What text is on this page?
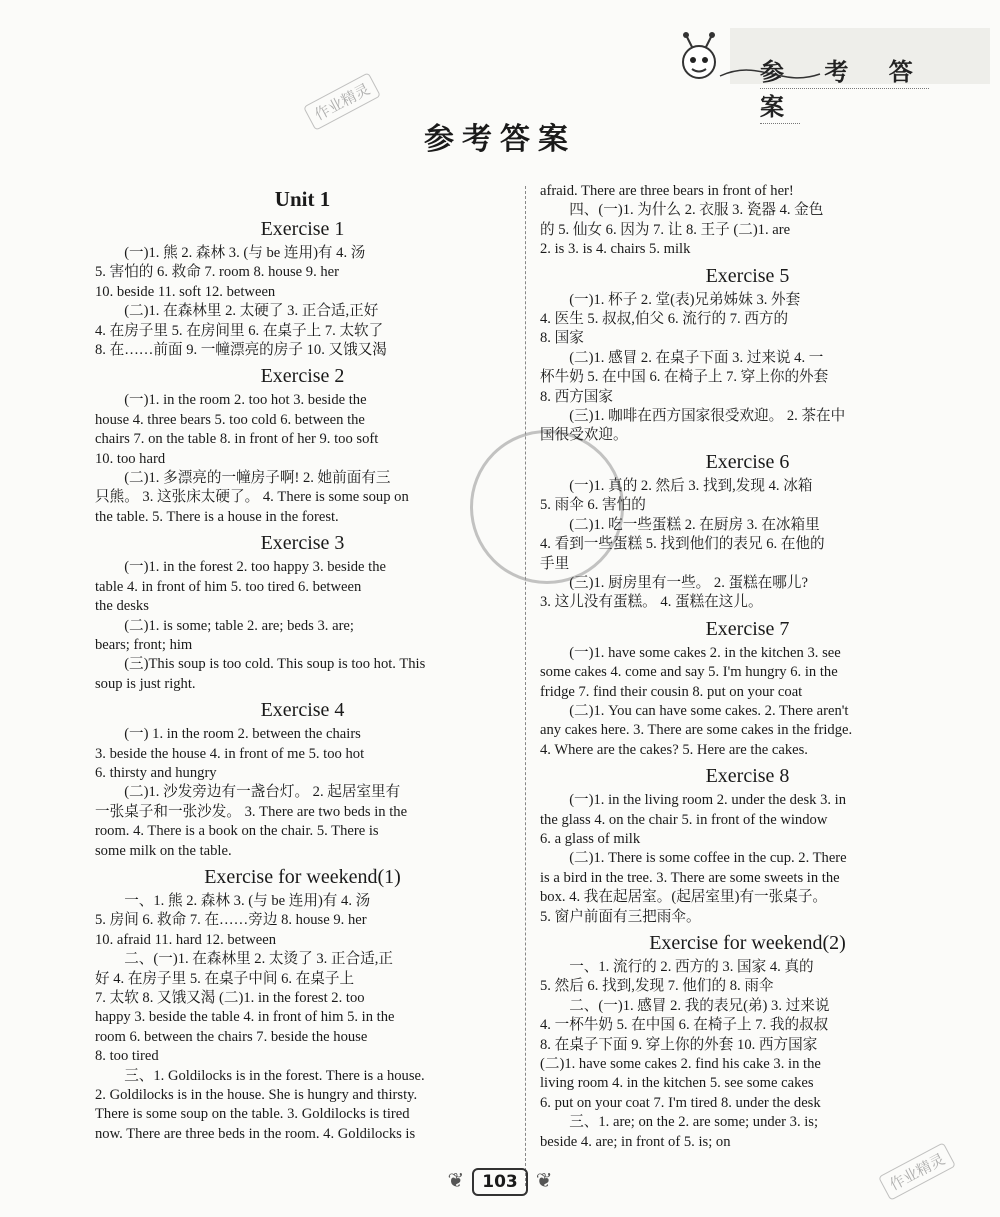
参 考 答 案
作业精灵
作业精灵
参考答案
Unit 1
Exercise 1
(一)1. 熊 2. 森林 3. (与 be 连用)有 4. 汤
5. 害怕的 6. 救命 7. room 8. house 9. her
10. beside 11. soft 12. between
(二)1. 在森林里 2. 太硬了 3. 正合适,正好
4. 在房子里 5. 在房间里 6. 在桌子上 7. 太软了
8. 在……前面 9. 一幢漂亮的房子 10. 又饿又渴
Exercise 2
(一)1. in the room 2. too hot 3. beside the
house 4. three bears 5. too cold 6. between the
chairs 7. on the table 8. in front of her 9. too soft
10. too hard
(二)1. 多漂亮的一幢房子啊! 2. 她前面有三
只熊。 3. 这张床太硬了。 4. There is some soup on
the table. 5. There is a house in the forest.
Exercise 3
(一)1. in the forest 2. too happy 3. beside the
table 4. in front of him 5. too tired 6. between
the desks
(二)1. is some; table 2. are; beds 3. are;
bears; front; him
(三)This soup is too cold. This soup is too hot. This
soup is just right.
Exercise 4
(一) 1. in the room 2. between the chairs
3. beside the house 4. in front of me 5. too hot
6. thirsty and hungry
(二)1. 沙发旁边有一盏台灯。 2. 起居室里有
一张桌子和一张沙发。 3. There are two beds in the
room. 4. There is a book on the chair. 5. There is
some milk on the table.
Exercise for weekend(1)
一、1. 熊 2. 森林 3. (与 be 连用)有 4. 汤
5. 房间 6. 救命 7. 在……旁边 8. house 9. her
10. afraid 11. hard 12. between
二、(一)1. 在森林里 2. 太烫了 3. 正合适,正
好 4. 在房子里 5. 在桌子中间 6. 在桌子上
7. 太软 8. 又饿又渴 (二)1. in the forest 2. too
happy 3. beside the table 4. in front of him 5. in the
room 6. between the chairs 7. beside the house
8. too tired
三、1. Goldilocks is in the forest. There is a house.
2. Goldilocks is in the house. She is hungry and thirsty.
There is some soup on the table. 3. Goldilocks is tired
now. There are three beds in the room. 4. Goldilocks is
afraid. There are three bears in front of her!
四、(一)1. 为什么 2. 衣服 3. 瓷器 4. 金色
的 5. 仙女 6. 因为 7. 让 8. 王子 (二)1. are
2. is 3. is 4. chairs 5. milk
Exercise 5
(一)1. 杯子 2. 堂(表)兄弟姊妹 3. 外套
4. 医生 5. 叔叔,伯父 6. 流行的 7. 西方的
8. 国家
(二)1. 感冒 2. 在桌子下面 3. 过来说 4. 一
杯牛奶 5. 在中国 6. 在椅子上 7. 穿上你的外套
8. 西方国家
(三)1. 咖啡在西方国家很受欢迎。 2. 茶在中
国很受欢迎。
Exercise 6
(一)1. 真的 2. 然后 3. 找到,发现 4. 冰箱
5. 雨伞 6. 害怕的
(二)1. 吃一些蛋糕 2. 在厨房 3. 在冰箱里
4. 看到一些蛋糕 5. 找到他们的表兄 6. 在他的
手里
(三)1. 厨房里有一些。 2. 蛋糕在哪儿?
3. 这儿没有蛋糕。 4. 蛋糕在这儿。
Exercise 7
(一)1. have some cakes 2. in the kitchen 3. see
some cakes 4. come and say 5. I'm hungry 6. in the
fridge 7. find their cousin 8. put on your coat
(二)1. You can have some cakes. 2. There aren't
any cakes here. 3. There are some cakes in the fridge.
4. Where are the cakes? 5. Here are the cakes.
Exercise 8
(一)1. in the living room 2. under the desk 3. in
the glass 4. on the chair 5. in front of the window
6. a glass of milk
(二)1. There is some coffee in the cup. 2. There
is a bird in the tree. 3. There are some sweets in the
box. 4. 我在起居室。(起居室里)有一张桌子。
5. 窗户前面有三把雨伞。
Exercise for weekend(2)
一、1. 流行的 2. 西方的 3. 国家 4. 真的
5. 然后 6. 找到,发现 7. 他们的 8. 雨伞
二、(一)1. 感冒 2. 我的表兄(弟) 3. 过来说
4. 一杯牛奶 5. 在中国 6. 在椅子上 7. 我的叔叔
8. 在桌子下面 9. 穿上你的外套 10. 西方国家
(二)1. have some cakes 2. find his cake 3. in the
living room 4. in the kitchen 5. see some cakes
6. put on your coat 7. I'm tired 8. under the desk
三、1. are; on the 2. are some; under 3. is;
beside 4. are; in front of 5. is; on
❦ 103 ❦
